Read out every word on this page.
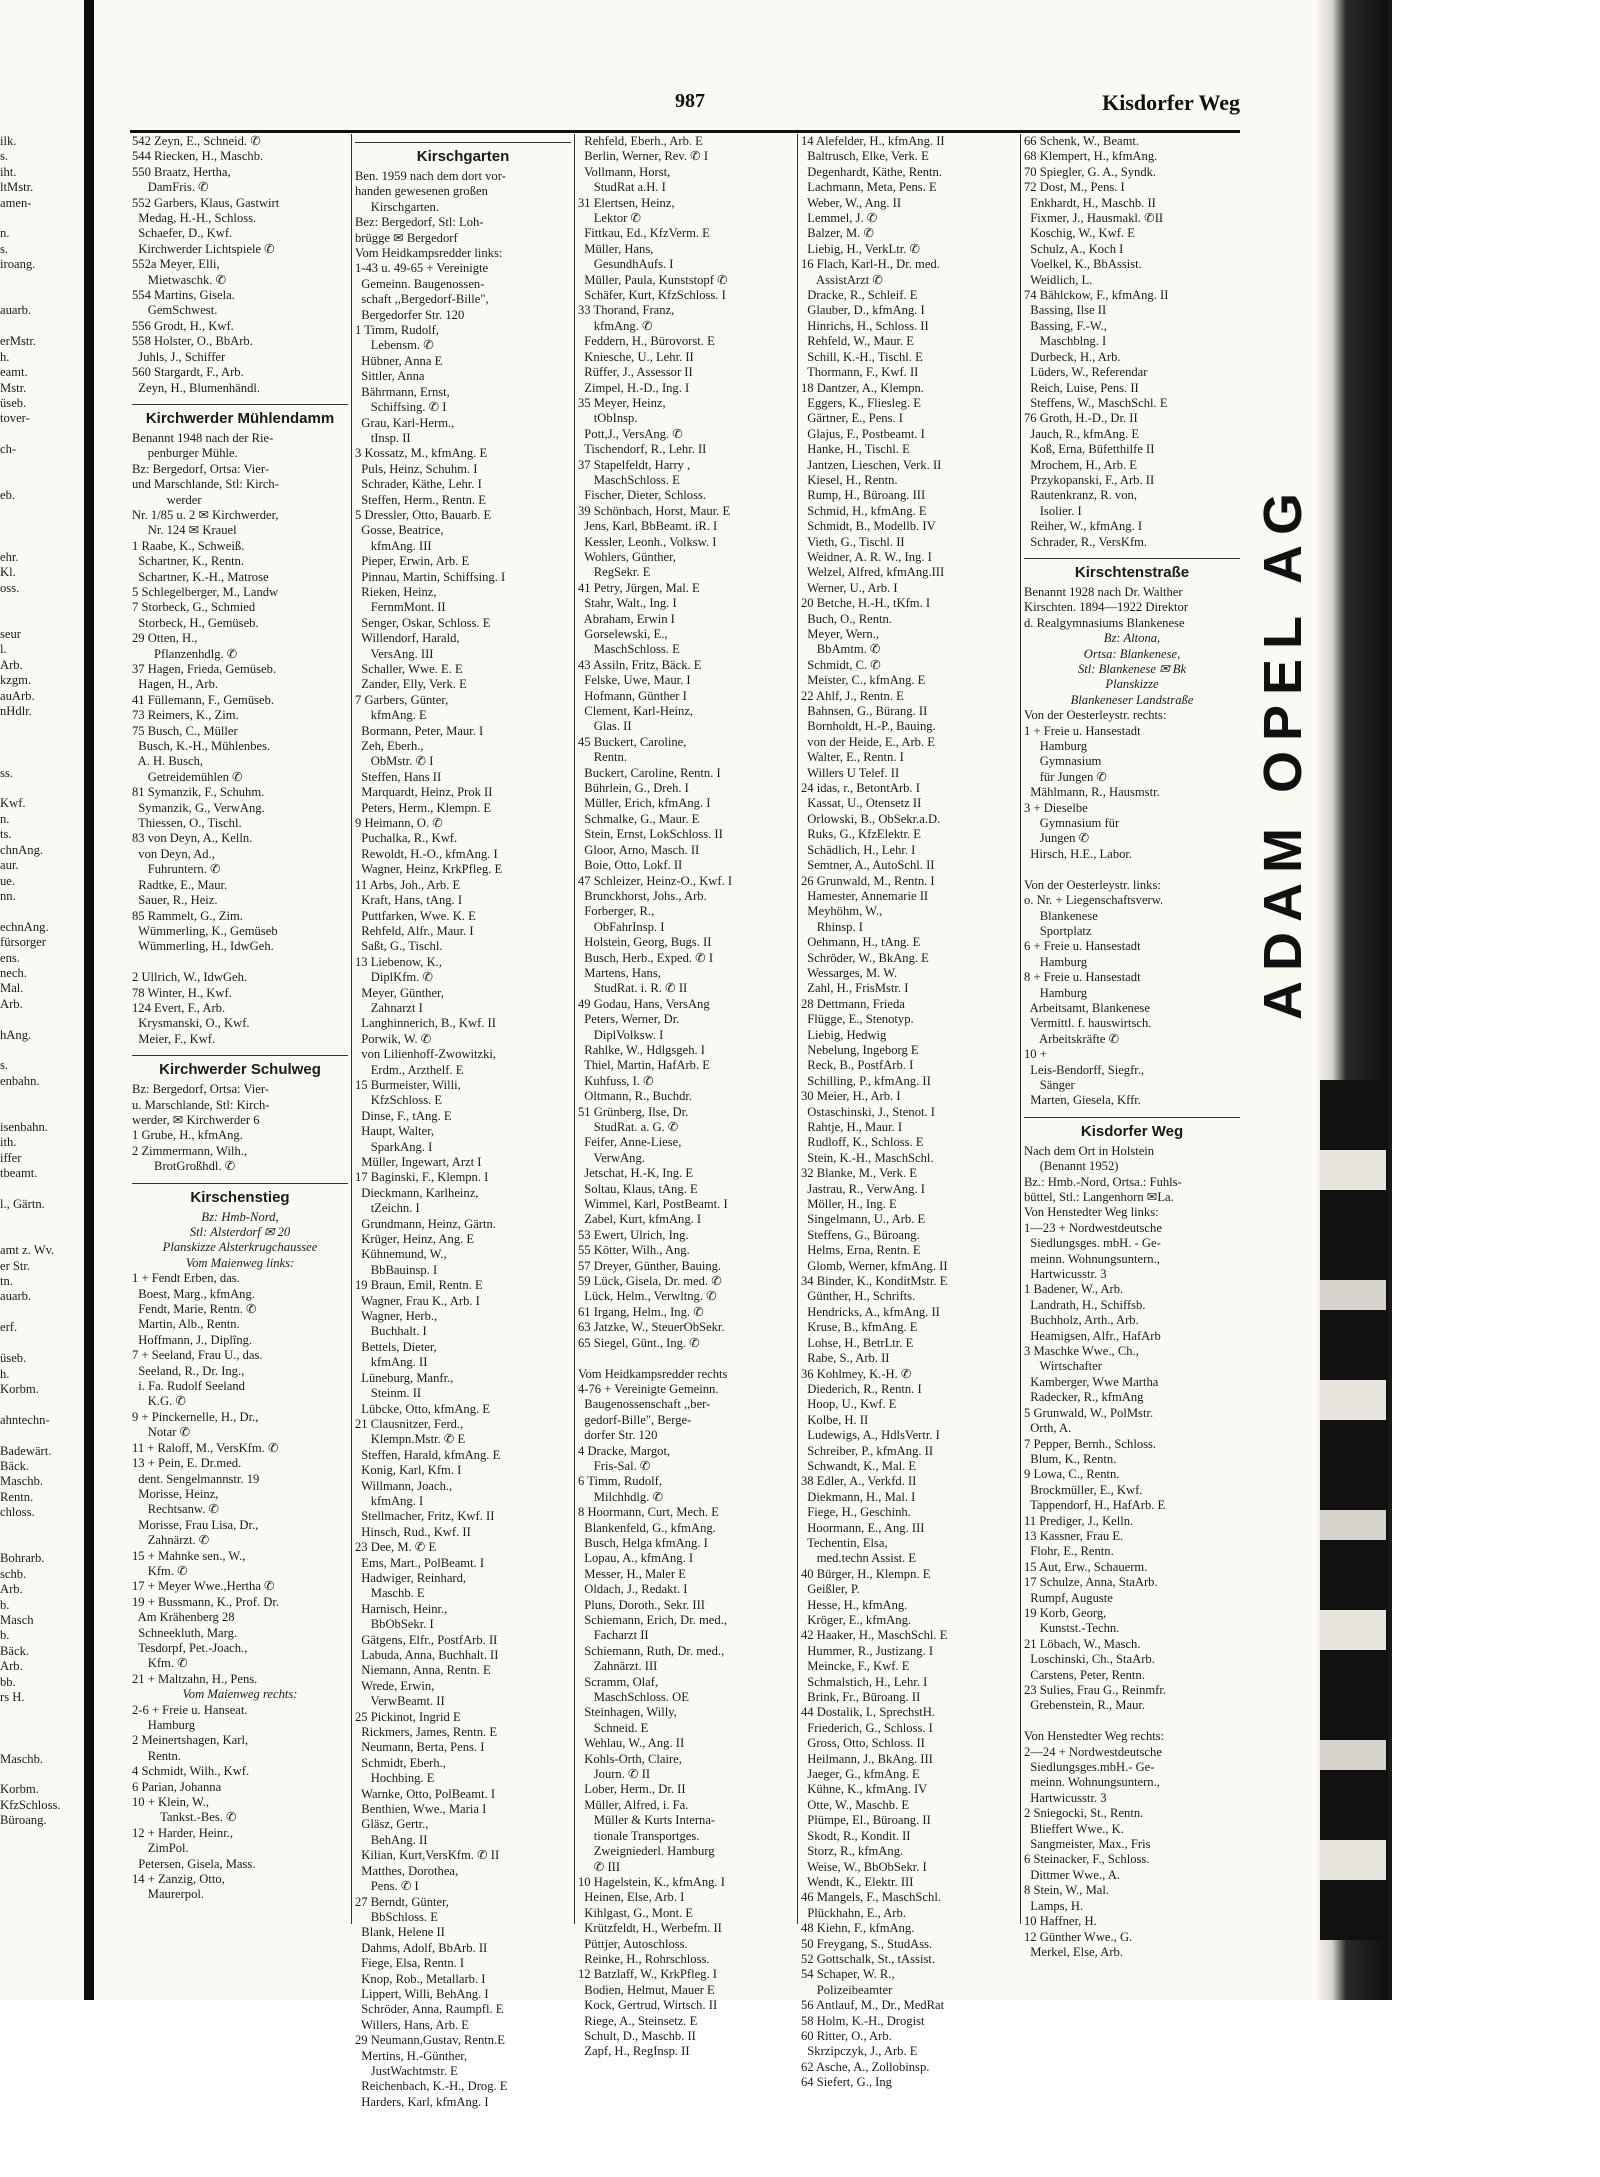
ilk.
s.
iht.
ltMstr.
amen-

n.
s.
iroang.

auarb.

erMstr.
h.
eamt.
Mstr.
üseb.
tover-

ch-

eb.

ehr.
Kl.
oss.

seur
l.
Arb.
kzgm.
auArb.
nHdlr.

ss.

Kwf.
n.
ts.
chnAng.
aur.
ue.
nn.

echnAng.
fürsorger
ens.
nech.
Mal.
Arb.

hAng.

s.
enbahn.

isenbahn.
ith.
iffer
tbeamt.

l., Gärtn.

amt z. Wv.
er Str.
tn.
auarb.

erf.

üseb.
h.
Korbm.

ahntechn-

Badewärt.
Bäck.
Maschb.
Rentn.
chloss.

Bohrarb.
schb.
Arb.
b.
Masch
b.
Bäck.
Arb.
bb.
rs H.

Maschb.

Korbm.
KfzSchloss.
Büroang.
987	Kisdorfer Weg
542 Zeyn, E., Schneid. ✆
544 Riecken, H., Maschb.
550 Braatz, Hertha,
DamFris. ✆
552 Garbers, Klaus, Gastwirt
Medag, H.-H., Schloss.
Schaefer, D., Kwf.
Kirchwerder Lichtspiele ✆
552a Meyer, Elli,
Mietwaschk. ✆
554 Martins, Gisela.
GemSchwest.
556 Grodt, H., Kwf.
558 Holster, O., BbArb.
Juhls, J., Schiffer
560 Stargardt, F., Arb.
Zeyn, H., Blumenhändl.
Kirchwerder Mühlendamm
Benannt 1948 nach der Rie-
penburger Mühle.
Bz: Bergedorf, Ortsa: Vier-
und Marschlande, Stl: Kirch-
werder
Nr. 1/85 u. 2 ✉ Kirchwerder,
Nr. 124 ✉ Krauel
1 Raabe, K., Schweiß.
Schartner, K., Rentn.
Schartner, K.-H., Matrose
5 Schlegelberger, M., Landw
7 Storbeck, G., Schmied
Storbeck, H., Gemüseb.
29 Otten, H.,
Pflanzenhdlg. ✆
37 Hagen, Frieda, Gemüseb.
Hagen, H., Arb.
41 Füllemann, F., Gemüseb.
73 Reimers, K., Zim.
75 Busch, C., Müller
Busch, K.-H., Mühlenbes.
A. H. Busch,
Getreidemühlen ✆
81 Symanzik, F., Schuhm.
Symanzik, G., VerwAng.
Thiessen, O., Tischl.
83 von Deyn, A., Kelln.
von Deyn, Ad.,
Fuhruntern. ✆
Radtke, E., Maur.
Sauer, R., Heiz.
85 Rammelt, G., Zim.
Wümmerling, K., Gemüseb
Wümmerling, H., IdwGeh.

2 Ullrich, W., IdwGeh.
78 Winter, H., Kwf.
124 Evert, F., Arb.
Krysmanski, O., Kwf.
Meier, F., Kwf.
Kirchwerder Schulweg
Bz: Bergedorf, Ortsa: Vier-
u. Marschlande, Stl: Kirch-
werder, ✉ Kirchwerder 6
1 Grube, H., kfmAng.
2 Zimmermann, Wilh.,
BrotGroßhdl. ✆
Kirschenstieg
Bz: Hmb-Nord,
Stl: Alsterdorf ✉ 20
Planskizze Alsterkrugchaussee
Vom Maienweg links:
1 + Fendt Erben, das.
Boest, Marg., kfmAng.
Fendt, Marie, Rentn. ✆
Martin, Alb., Rentn.
Hoffmann, J., Diplîng.
7 + Seeland, Frau U., das.
Seeland, R., Dr. Ing.,
i. Fa. Rudolf Seeland
K.G. ✆
9 + Pinckernelle, H., Dr.,
Notar ✆
11 + Raloff, M., VersKfm. ✆
13 + Pein, E. Dr.med.
dent. Sengelmannstr. 19
Morisse, Heinz,
Rechtsanw. ✆
Morisse, Frau Lisa, Dr.,
Zahnärzt. ✆
15 + Mahnke sen., W.,
Kfm. ✆
17 + Meyer Wwe.,Hertha ✆
19 + Bussmann, K., Prof. Dr.
Am Krähenberg 28
Schneekluth, Marg.
Tesdorpf, Pet.-Joach.,
Kfm. ✆
21 + Maltzahn, H., Pens.
Vom Maienweg rechts:
2-6 + Freie u. Hanseat.
Hamburg
2 Meinertshagen, Karl,
Rentn.
4 Schmidt, Wilh., Kwf.
6 Parian, Johanna
10 + Klein, W.,
Tankst.-Bes. ✆
12 + Harder, Heinr.,
ZimPol.
Petersen, Gisela, Mass.
14 + Zanzig, Otto,
Maurerpol.
Kirschgarten
Ben. 1959 nach dem dort vor-
handen gewesenen großen
Kirschgarten.
Bez: Bergedorf, Stl: Loh-
brügge ✉ Bergedorf
Vom Heidkampsredder links:
1-43 u. 49-65 + Vereinigte
Gemeinn. Baugenossen-
schaft ,,Bergedorf-Bille",
Bergedorfer Str. 120
1 Timm, Rudolf,
Lebensm. ✆
Hübner, Anna E
Sittler, Anna
Bährmann, Ernst,
Schiffsing. ✆ I
Grau, Karl-Herm.,
tInsp. II
3 Kossatz, M., kfmAng. E
Puls, Heinz, Schuhm. I
Schrader, Käthe, Lehr. I
Steffen, Herm., Rentn. E
5 Dressler, Otto, Bauarb. E
Gosse, Beatrice,
kfmAng. III
Pieper, Erwin, Arb. E
Pinnau, Martin, Schiffsing. I
Rieken, Heinz,
FernmMont. II
Senger, Oskar, Schloss. E
Willendorf, Harald,
VersAng. III
Schaller, Wwe. E. E
Zander, Elly, Verk. E
7 Garbers, Günter,
kfmAng. E
Bormann, Peter, Maur. I
Zeh, Eberh.,
ObMstr. ✆ I
Steffen, Hans II
Marquardt, Heinz, Prok II
Peters, Herm., Klempn. E
9 Heimann, O. ✆
Puchalka, R., Kwf.
Rewoldt, H.-O., kfmAng. I
Wagner, Heinz, KrkPfleg. E
11 Arbs, Joh., Arb. E
Kraft, Hans, tAng. I
Puttfarken, Wwe. K. E
Rehfeld, Alfr., Maur. I
Saßt, G., Tischl.
13 Liebenow, K.,
DiplKfm. ✆
Meyer, Günther,
Zahnarzt I
Langhinnerich, B., Kwf. II
Porwik, W. ✆
von Lilienhoff-Zwowitzki,
Erdm., Arzthelf. E
15 Burmeister, Willi,
KfzSchloss. E
Dinse, F., tAng. E
Haupt, Walter,
SparkAng. I
Müller, Ingewart, Arzt I
17 Baginski, F., Klempn. I
Dieckmann, Karlheinz,
tZeichn. I
Grundmann, Heinz, Gärtn.
Krüger, Heinz, Ang. E
Kühnemund, W.,
BbBauinsp. I
19 Braun, Emil, Rentn. E
Wagner, Frau K., Arb. I
Wagner, Herb.,
Buchhalt. I
Bettels, Dieter,
kfmAng. II
Lüneburg, Manfr.,
Steinm. II
Lübcke, Otto, kfmAng. E
21 Clausnitzer, Ferd.,
Klempn.Mstr. ✆ E
Steffen, Harald, kfmAng. E
Konig, Karl, Kfm. I
Willmann, Joach.,
kfmAng. I
Stellmacher, Fritz, Kwf. II
Hinsch, Rud., Kwf. II
23 Dee, M. ✆ E
Ems, Mart., PolBeamt. I
Hadwiger, Reinhard,
Maschb. E
Harnisch, Heinr.,
BbObSekr. I
Gätgens, Elfr., PostfArb. II
Labuda, Anna, Buchhalt. II
Niemann, Anna, Rentn. E
Wrede, Erwin,
VerwBeamt. II
25 Pickinot, Ingrid E
Rickmers, James, Rentn. E
Neumann, Berta, Pens. I
Schmidt, Eberh.,
Hochbing. E
Warnke, Otto, PolBeamt. I
Benthien, Wwe., Maria I
Gläsz, Gertr.,
BehAng. II
Kilian, Kurt,VersKfm. ✆ II
Matthes, Dorothea,
Pens. ✆ I
27 Berndt, Günter,
BbSchloss. E
Blank, Helene II
Dahms, Adolf, BbArb. II
Fiege, Elsa, Rentn. I
Knop, Rob., Metallarb. I
Lippert, Willi, BehAng. I
Schröder, Anna, Raumpfl. E
Willers, Hans, Arb. E
29 Neumann,Gustav, Rentn.E
Mertins, H.-Günther,
JustWachtmstr. E
Reichenbach, K.-H., Drog. E
Harders, Karl, kfmAng. I
Rehfeld, Eberh., Arb. E
Berlin, Werner, Rev. ✆ I
Vollmann, Horst,
StudRat a.H. I
31 Elertsen, Heinz,
Lektor ✆
Fittkau, Ed., KfzVerm. E
Müller, Hans,
GesundhAufs. I
Müller, Paula, Kunststopf ✆
Schäfer, Kurt, KfzSchloss. I
33 Thorand, Franz,
kfmAng. ✆
Feddern, H., Bürovorst. E
Kniesche, U., Lehr. II
Rüffer, J., Assessor II
Zimpel, H.-D., Ing. I
35 Meyer, Heinz,
tObInsp.
Pott,J., VersAng. ✆
Tischendorf, R., Lehr. II
37 Stapelfeldt, Harry ,
MaschSchloss. E
Fischer, Dieter, Schloss.
39 Schönbach, Horst, Maur. E
Jens, Karl, BbBeamt. iR. I
Kessler, Leonh., Volksw. I
Wohlers, Günther,
RegSekr. E
41 Petry, Jürgen, Mal. E
Stahr, Walt., Ing. I
Abraham, Erwin I
Gorselewski, E.,
MaschSchloss. E
43 Assiln, Fritz, Bäck. E
Felske, Uwe, Maur. I
Hofmann, Günther I
Clement, Karl-Heinz,
Glas. II
45 Buckert, Caroline,
Rentn.
Buckert, Caroline, Rentn. I
Bührlein, G., Dreh. I
Müller, Erich, kfmAng. I
Schmalke, G., Maur. E
Stein, Ernst, LokSchloss. II
Gloor, Arno, Masch. II
Boie, Otto, Lokf. II
47 Schleizer, Heinz-O., Kwf. I
Brunckhorst, Johs., Arb.
Forberger, R.,
ObFahrInsp. I
Holstein, Georg, Bugs. II
Busch, Herb., Exped. ✆ I
Martens, Hans,
StudRat. i. R. ✆ II
49 Godau, Hans, VersAng
Peters, Werner, Dr.
DiplVolksw. I
Rahlke, W., Hdlgsgeh. I
Thiel, Martin, HafArb. E
Kuhfuss, I. ✆
Oltmann, R., Buchdr.
51 Grünberg, Ilse, Dr.
StudRat. a. G. ✆
Feifer, Anne-Liese,
VerwAng.
Jetschat, H.-K, Ing. E
Soltau, Klaus, tAng. E
Wimmel, Karl, PostBeamt. I
Zabel, Kurt, kfmAng. I
53 Ewert, Ulrich, Ing.
55 Kötter, Wilh., Ang.
57 Dreyer, Günther, Bauing.
59 Lück, Gisela, Dr. med. ✆
Lück, Helm., Verwltng. ✆
61 Irgang, Helm., Ing. ✆
63 Jatzke, W., SteuerObSekr.
65 Siegel, Günt., Ing. ✆

Vom Heidkampsredder rechts
4-76 + Vereinigte Gemeinn.
Baugenossenschaft ,,ber-
gedorf-Bille", Berge-
dorfer Str. 120
4 Dracke, Margot,
Fris-Sal. ✆
6 Timm, Rudolf,
Milchhdlg. ✆
8 Hoormann, Curt, Mech. E
Blankenfeld, G., kfmAng.
Busch, Helga kfmAng. I
Lopau, A., kfmAng. I
Messer, H., Maler E
Oldach, J., Redakt. I
Pluns, Doroth., Sekr. III
Schiemann, Erich, Dr. med.,
Facharzt II
Schiemann, Ruth, Dr. med.,
Zahnärzt. III
Scramm, Olaf,
MaschSchloss. OE
Steinhagen, Willy,
Schneid. E
Wehlau, W., Ang. II
Kohls-Orth, Claire,
Journ. ✆ II
Lober, Herm., Dr. II
Müller, Alfred, i. Fa.
Müller & Kurts Interna-
tionale Transportges.
Zweigniederl. Hamburg
✆ III
10 Hagelstein, K., kfmAng. I
Heinen, Else, Arb. I
Kihlgast, G., Mont. E
Krützfeldt, H., Werbefm. II
Püttjer, Autoschloss.
Reinke, H., Rohrschloss.
12 Batzlaff, W., KrkPfleg. I
Bodien, Helmut, Mauer E
Kock, Gertrud, Wirtsch. II
Riege, A., Steinsetz. E
Schult, D., Maschb. II
Zapf, H., RegInsp. II
14 Alefelder, H., kfmAng. II
Baltrusch, Elke, Verk. E
Degenhardt, Käthe, Rentn.
Lachmann, Meta, Pens. E
Weber, W., Ang. II
Lemmel, J. ✆
Balzer, M. ✆
Liebig, H., VerkLtr. ✆
16 Flach, Karl-H., Dr. med.
AssistArzt ✆
Dracke, R., Schleif. E
Glauber, D., kfmAng. I
Hinrichs, H., Schloss. II
Rehfeld, W., Maur. E
Schill, K.-H., Tischl. E
Thormann, F., Kwf. II
18 Dantzer, A., Klempn.
Eggers, K., Fliesleg. E
Gärtner, E., Pens. I
Glajus, F., Postbeamt. I
Hanke, H., Tischl. E
Jantzen, Lieschen, Verk. II
Kiesel, H., Rentn.
Rump, H., Büroang. III
Schmid, H., kfmAng. E
Schmidt, B., Modellb. IV
Vieth, G., Tischl. II
Weidner, A. R. W., Ing. I
Welzel, Alfred, kfmAng.III
Werner, U., Arb. I
20 Betche, H.-H., tKfm. I
Buch, O., Rentn.
Meyer, Wern.,
BbAmtm. ✆
Schmidt, C. ✆
Meister, C., kfmAng. E
22 Ahlf, J., Rentn. E
Bahnsen, G., Bürang. II
Bornholdt, H.-P., Bauing.
von der Heide, E., Arb. E
Walter, E., Rentn. I
Willers U Telef. II
24 idas, r., BetontArb. I
Kassat, U., Otensetz II
Orlowski, B., ObSekr.a.D.
Ruks, G., KfzElektr. E
Schädlich, H., Lehr. I
Semtner, A., AutoSchl. II
26 Grunwald, M., Rentn. I
Hamester, Annemarie II
Meyhöhm, W.,
Rhinsp. I
Oehmann, H., tAng. E
Schröder, W., BkAng. E
Wessarges, M. W.
Zahl, H., FrisMstr. I
28 Dettmann, Frieda
Flügge, E., Stenotyp.
Liebig, Hedwig
Nebelung, Ingeborg E
Reck, B., PostfArb. I
Schilling, P., kfmAng. II
30 Meier, H., Arb. I
Ostaschinski, J., Stenot. I
Rahtje, H., Maur. I
Rudloff, K., Schloss. E
Stein, K.-H., MaschSchl.
32 Blanke, M., Verk. E
Jastrau, R., VerwAng. I
Möller, H., Ing. E
Singelmann, U., Arb. E
Steffens, G., Büroang.
Helms, Erna, Rentn. E
Glomb, Werner, kfmAng. II
34 Binder, K., KonditMstr. E
Günther, H., Schrifts.
Hendricks, A., kfmAng. II
Kruse, B., kfmAng. E
Lohse, H., BetrLtr. E
Rabe, S., Arb. II
36 Kohlmey, K.-H. ✆
Diederich, R., Rentn. I
Hoop, U., Kwf. E
Kolbe, H. II
Ludewigs, A., HdlsVertr. I
Schreiber, P., kfmAng. II
Schwandt, K., Mal. E
38 Edler, A., Verkfd. II
Diekmann, H., Mal. I
Fiege, H., Geschinh.
Hoormann, E., Ang. III
Techentin, Elsa,
med.techn Assist. E
40 Bürger, H., Klempn. E
Geißler, P.
Hesse, H., kfmAng.
Kröger, E., kfmAng.
42 Haaker, H., MaschSchl. E
Hummer, R., Justizang. I
Meincke, F., Kwf. E
Schmalstich, H., Lehr. I
Brink, Fr., Büroang. II
44 Dostalik, I., SprechstH.
Friederich, G., Schloss. I
Gross, Otto, Schloss. II
Heilmann, J., BkAng. III
Jaeger, G., kfmAng. E
Kühne, K., kfmAng. IV
Otte, W., Maschb. E
Plümpe, El., Büroang. II
Skodt, R., Kondit. II
Storz, R., kfmAng.
Weise, W., BbObSekr. I
Wendt, K., Elektr. III
46 Mangels, F., MaschSchl.
Plückhahn, E., Arb.
48 Kiehn, F., kfmAng.
50 Freygang, S., StudAss.
52 Gottschalk, St., tAssist.
54 Schaper, W. R.,
Polizeibeamter
56 Antlauf, M., Dr., MedRat
58 Holm, K.-H., Drogist
60 Ritter, O., Arb.
Skrzipczyk, J., Arb. E
62 Asche, A., Zollobinsp.
64 Siefert, G., Ing
66 Schenk, W., Beamt.
68 Klempert, H., kfmAng.
70 Spiegler, G. A., Syndk.
72 Dost, M., Pens. I
Enkhardt, H., Maschb. II
Fixmer, J., Hausmakl. ✆II
Koschig, W., Kwf. E
Schulz, A., Koch I
Voelkel, K., BbAssist.
Weidlich, L.
74 Bählckow, F., kfmAng. II
Bassing, Ilse II
Bassing, F.-W.,
Maschblng. I
Durbeck, H., Arb.
Lüders, W., Referendar
Reich, Luise, Pens. II
Steffens, W., MaschSchl. E
76 Groth, H.-D., Dr. II
Jauch, R., kfmAng. E
Koß, Erna, Büfetthilfe II
Mrochem, H., Arb. E
Przykopanski, F., Arb. II
Rautenkranz, R. von,
Isolier. I
Reiher, W., kfmAng. I
Schrader, R., VersKfm.
Kirschtenstraße
Benannt 1928 nach Dr. Walther
Kirschten. 1894—1922 Direktor
d. Realgymnasiums Blankenese
Bz: Altona,
Ortsa: Blankenese,
Stl: Blankenese ✉ Bk
Planskizze
Blankeneser Landstraße
Von der Oesterleystr. rechts:
1 + Freie u. Hansestadt
Hamburg
Gymnasium
für Jungen ✆
Mählmann, R., Hausmstr.
3 + Dieselbe
Gymnasium für
Jungen ✆
Hirsch, H.E., Labor.

Von der Oesterleystr. links:
o. Nr. + Liegenschaftsverw.
Blankenese
Sportplatz
6 + Freie u. Hansestadt
Hamburg
8 + Freie u. Hansestadt
Hamburg
Arbeitsamt, Blankenese
Vermittl. f. hauswirtsch.
Arbeitskräfte ✆
10 +
Leis-Bendorff, Siegfr.,
Sänger
Marten, Giesela, Kffr.
Kisdorfer Weg
Nach dem Ort in Holstein
(Benannt 1952)
Bz.: Hmb.-Nord, Ortsa.: Fuhls-
büttel, Stl.: Langenhorn ✉La.
Von Henstedter Weg links:
1—23 + Nordwestdeutsche
Siedlungsges. mbH. - Ge-
meinn. Wohnungsuntern.,
Hartwicusstr. 3
1 Badener, W., Arb.
Landrath, H., Schiffsb.
Buchholz, Arth., Arb.
Heamigsen, Alfr., HafArb
3 Maschke Wwe., Ch.,
Wirtschafter
Kamberger, Wwe Martha
Radecker, R., kfmAng
5 Grunwald, W., PolMstr.
Orth, A.
7 Pepper, Bernh., Schloss.
Blum, K., Rentn.
9 Lowa, C., Rentn.
Brockmüller, E., Kwf.
Tappendorf, H., HafArb. E
11 Prediger, J., Kelln.
13 Kassner, Frau E.
Flohr, E., Rentn.
15 Aut, Erw., Schauerm.
17 Schulze, Anna, StaArb.
Rumpf, Auguste
19 Korb, Georg,
Kunstst.-Techn.
21 Löbach, W., Masch.
Loschinski, Ch., StaArb.
Carstens, Peter, Rentn.
23 Sulies, Frau G., Reinmfr.
Grebenstein, R., Maur.

Von Henstedter Weg rechts:
2—24 + Nordwestdeutsche
Siedlungsges.mbH.- Ge-
meinn. Wohnungsuntern.,
Hartwicusstr. 3
2 Sniegocki, St., Rentn.
Blieffert Wwe., K.
Sangmeister, Max., Fris
6 Steinacker, F., Schloss.
Dittmer Wwe., A.
8 Stein, W., Mal.
Lamps, H.
10 Haffner, H.
12 Günther Wwe., G.
Merkel, Else, Arb.
ADAM OPEL AG
